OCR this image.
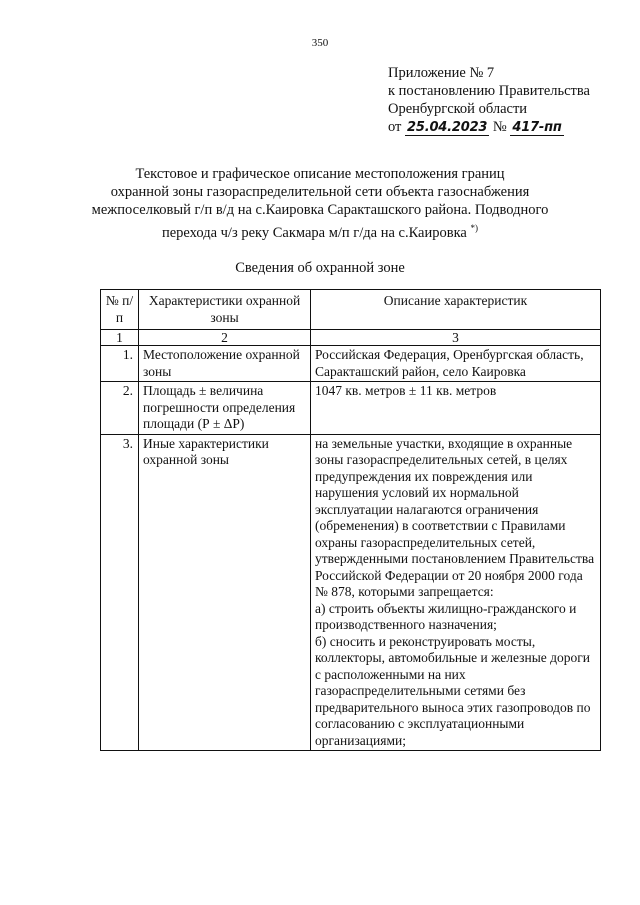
350
Приложение № 7
к постановлению Правительства
Оренбургской области
от 25.04.2023 № 417-пп
Текстовое и графическое описание местоположения границ
охранной зоны газораспределительной сети объекта газоснабжения
межпоселковый г/п в/д на с.Каировка Саракташского района. Подводного
перехода ч/з реку Сакмара м/п г/да на с.Каировка *)
Сведения об охранной зоне
№ п/п	Характеристики охранной зоны	Описание характеристик
1	2	3
1.	Местоположение охранной зоны	Российская Федерация, Оренбургская область, Саракташский район, село Каировка
2.	Площадь ± величина погрешности определения площади (Р ± ΔР)	1047 кв. метров ± 11 кв. метров
3.	Иные характеристики охранной зоны	на земельные участки, входящие в охранные зоны газораспределительных сетей, в целях предупреждения их повреждения или нарушения условий их нормальной эксплуатации налагаются ограничения (обременения) в соответствии с Правилами охраны газораспределительных сетей, утвержденными постановлением Правительства Российской Федерации от 20 ноября 2000 года № 878, которыми запрещается:
а) строить объекты жилищно-гражданского и производственного назначения;
б) сносить и реконструировать мосты, коллекторы, автомобильные и железные дороги с расположенными на них газораспределительными сетями без предварительного выноса этих газопроводов по согласованию с эксплуатационными организациями;
